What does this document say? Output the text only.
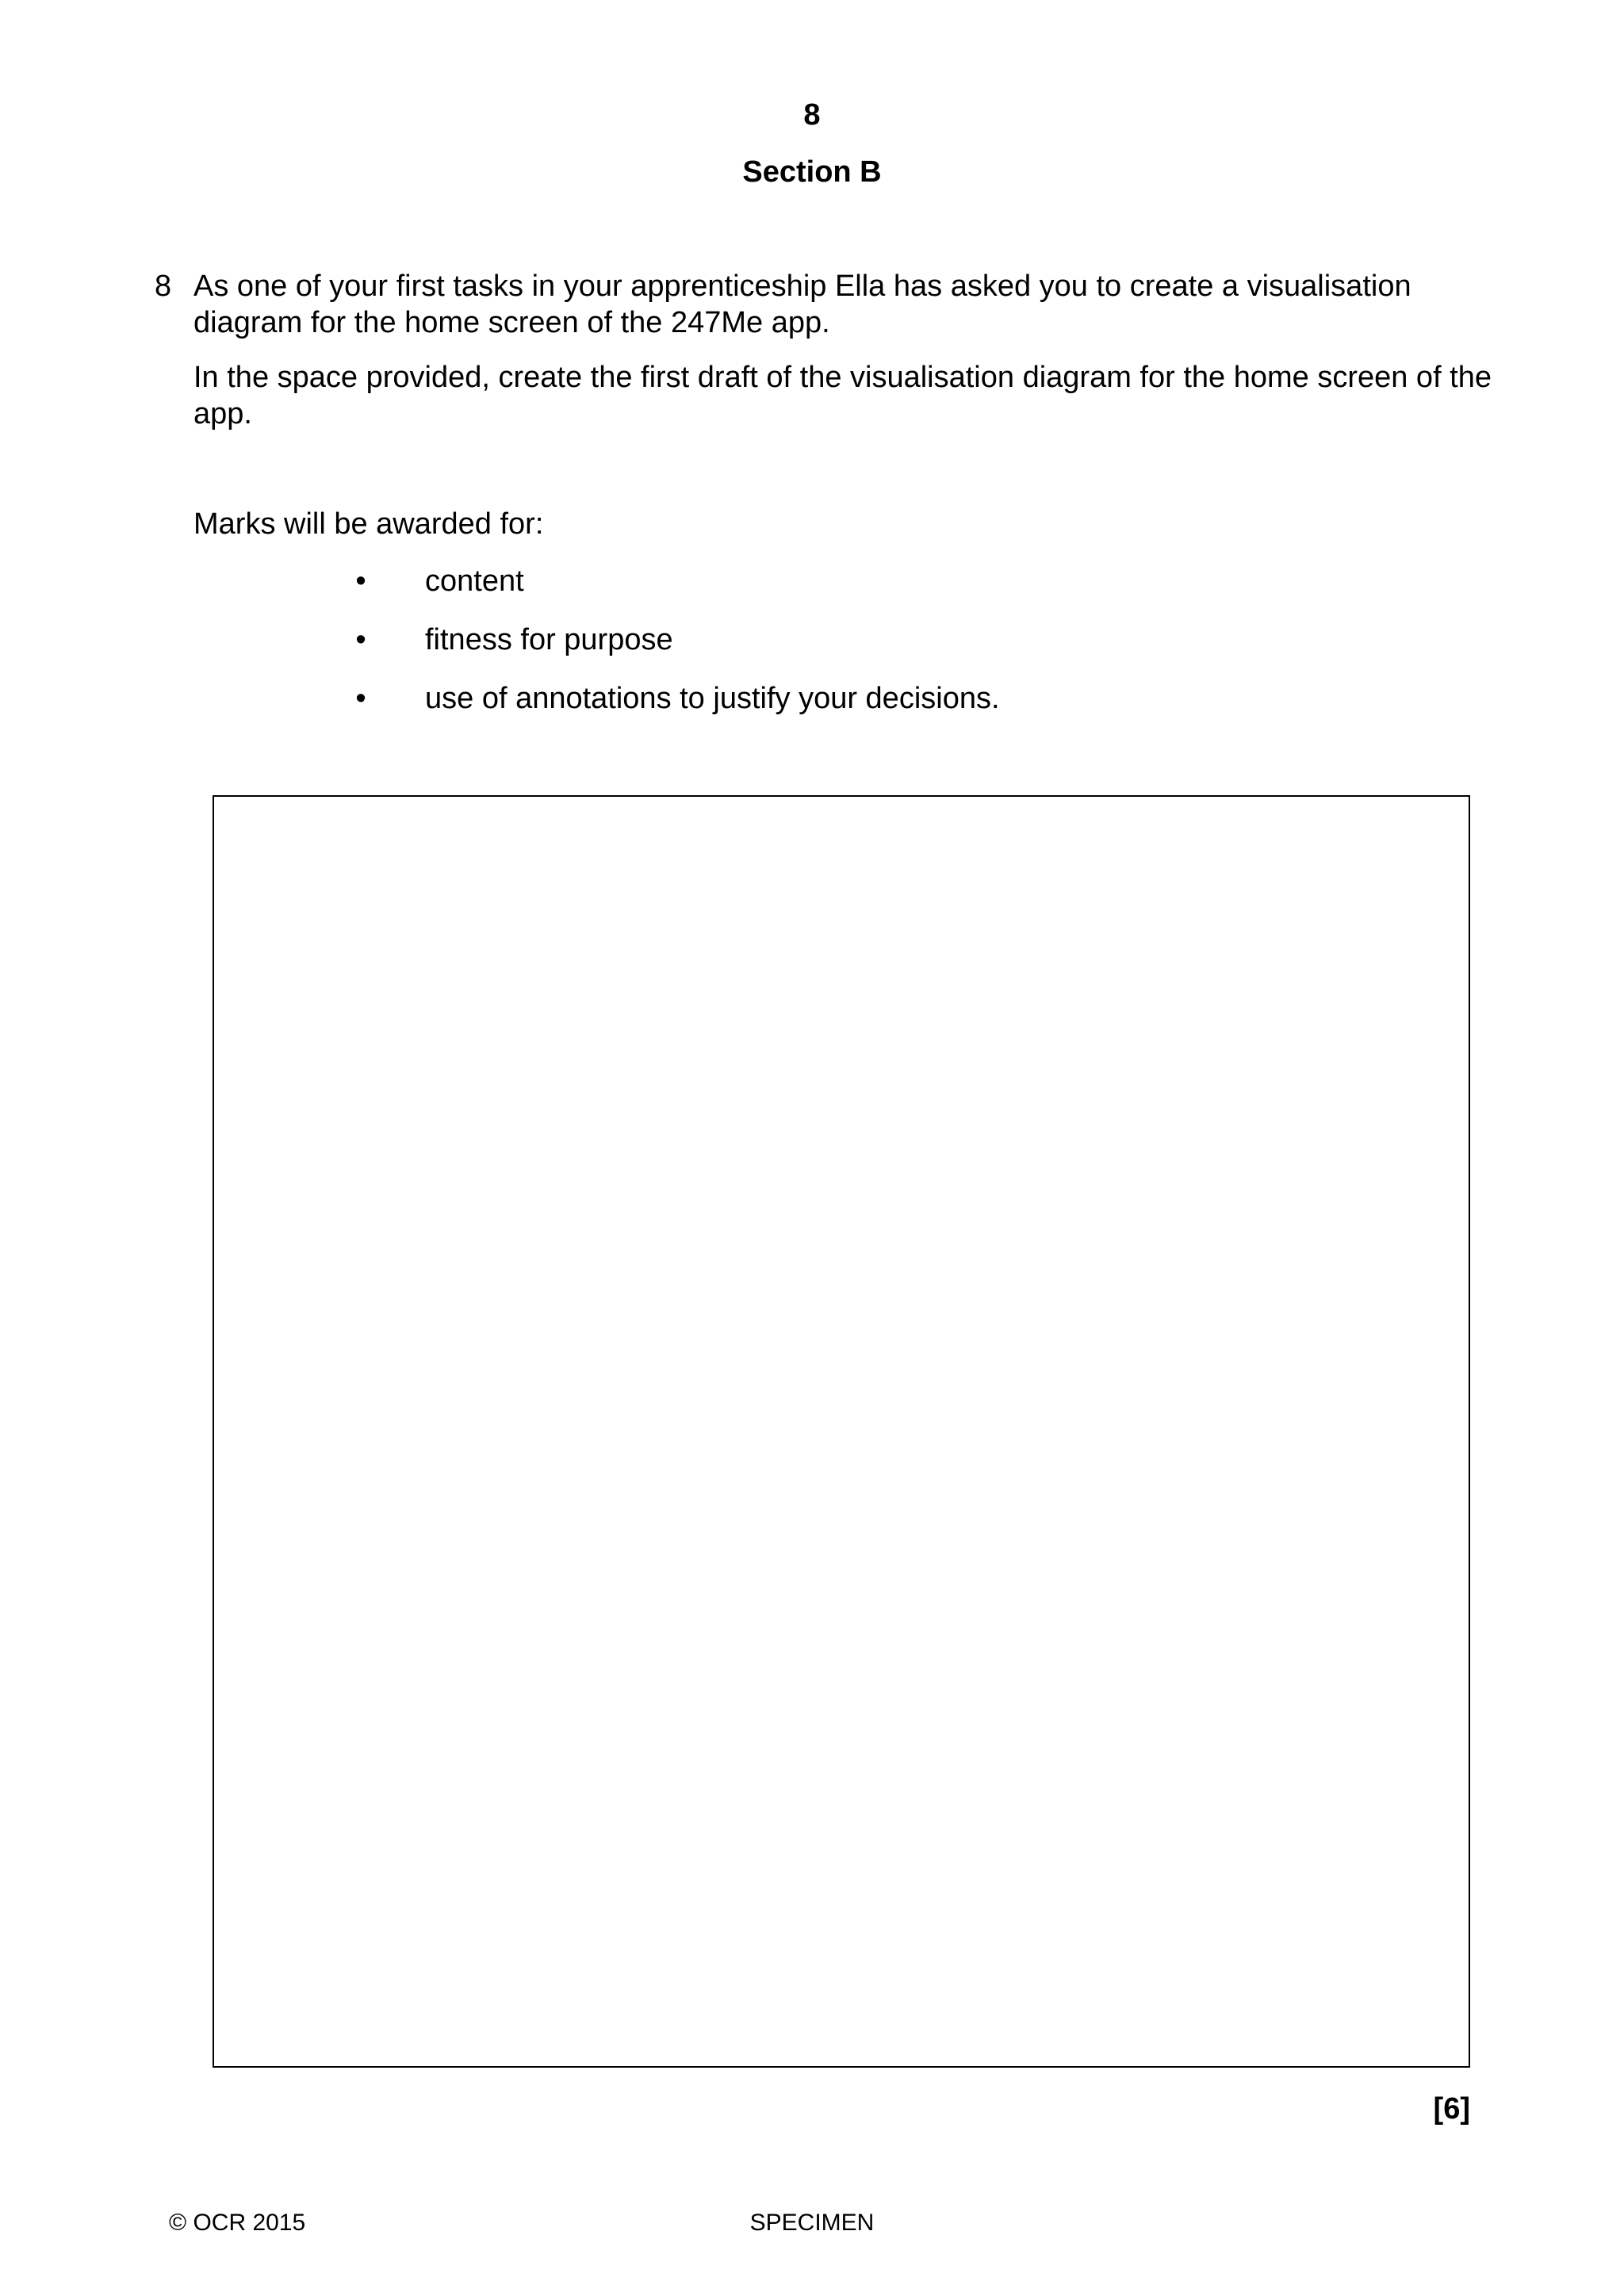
8
Section B
8 As one of your first tasks in your apprenticeship Ella has asked you to create a visualisation diagram for the home screen of the 247Me app.
In the space provided, create the first draft of the visualisation diagram for the home screen of the app.
Marks will be awarded for:
• content
• fitness for purpose
• use of annotations to justify your decisions.
[6]
© OCR 2015	SPECIMEN
